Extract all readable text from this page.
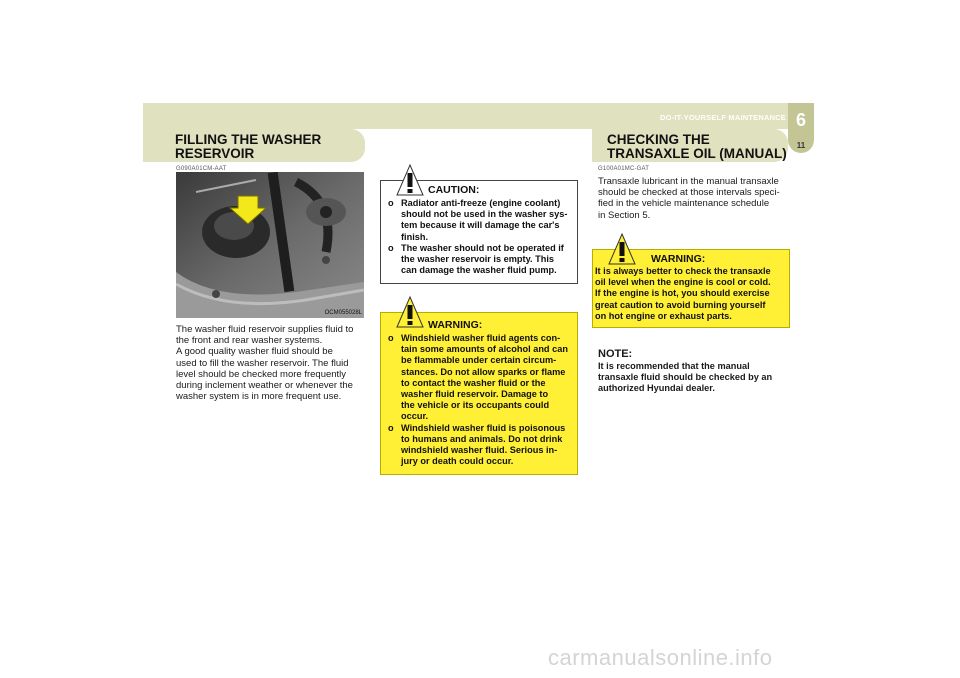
DO-IT-YOURSELF MAINTENANCE 6
11
FILLING THE WASHER
RESERVOIR
G090A01CM-AAT
OCM055028L
The washer fluid reservoir supplies fluid to
the front and rear washer systems.
A good quality washer fluid should be
used to fill the washer reservoir. The fluid
level should be checked more frequently
during inclement weather or whenever the
washer system is in more frequent use.
CAUTION:
o Radiator anti-freeze (engine coolant)
should not be used in the washer sys-
tem because it will damage the car's
finish.
o The washer should not be operated if
the washer reservoir is empty. This
can damage the washer fluid pump.
WARNING:
o Windshield washer fluid agents con-
tain some amounts of alcohol and can
be flammable under certain circum-
stances. Do not allow sparks or flame
to contact the washer fluid or the
washer fluid reservoir. Damage to
the vehicle or its occupants could
occur.
o Windshield washer fluid is poisonous
to humans and animals. Do not drink
windshield washer fluid. Serious in-
jury or death could occur.
CHECKING THE
TRANSAXLE OIL (MANUAL)
G100A01MC-GAT
Transaxle lubricant in the manual transaxle
should be checked at those intervals speci-
fied in the vehicle maintenance schedule
in Section 5.
WARNING:
It is always better to check the transaxle
oil level when the engine is cool or cold.
If the engine is hot, you should exercise
great caution to avoid burning yourself
on hot engine or exhaust parts.
NOTE:
It is recommended that the manual
transaxle fluid should be checked by an
authorized Hyundai dealer.
carmanualsonline.info
